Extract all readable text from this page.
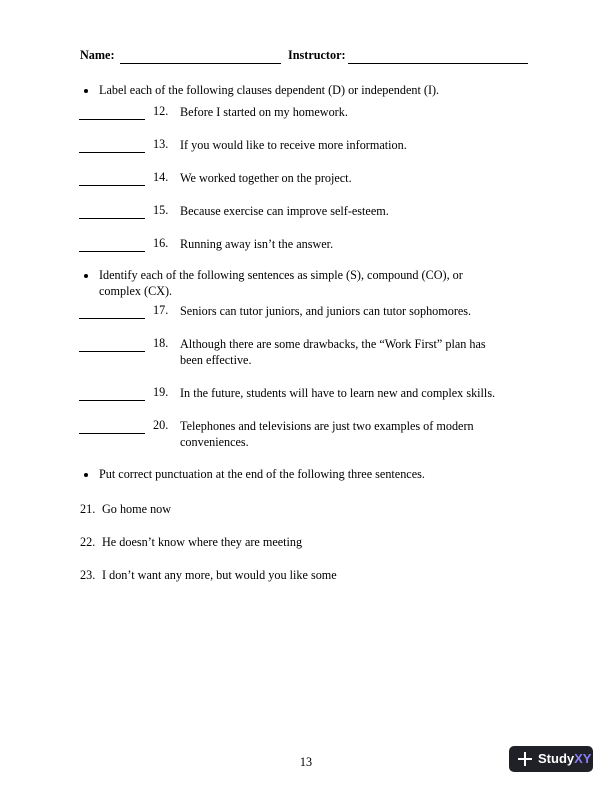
Name:	Instructor:
Label each of the following clauses dependent (D) or independent (I).
12. Before I started on my homework.
13. If you would like to receive more information.
14. We worked together on the project.
15. Because exercise can improve self-esteem.
16. Running away isn’t the answer.
Identify each of the following sentences as simple (S), compound (CO), or
complex (CX).
17. Seniors can tutor juniors, and juniors can tutor sophomores.
18. Although there are some drawbacks, the “Work First” plan has been effective.
19. In the future, students will have to learn new and complex skills.
20. Telephones and televisions are just two examples of modern conveniences.
Put correct punctuation at the end of the following three sentences.
21. Go home now
22. He doesn’t know where they are meeting
23. I don’t want any more, but would you like some
13	StudyXY
